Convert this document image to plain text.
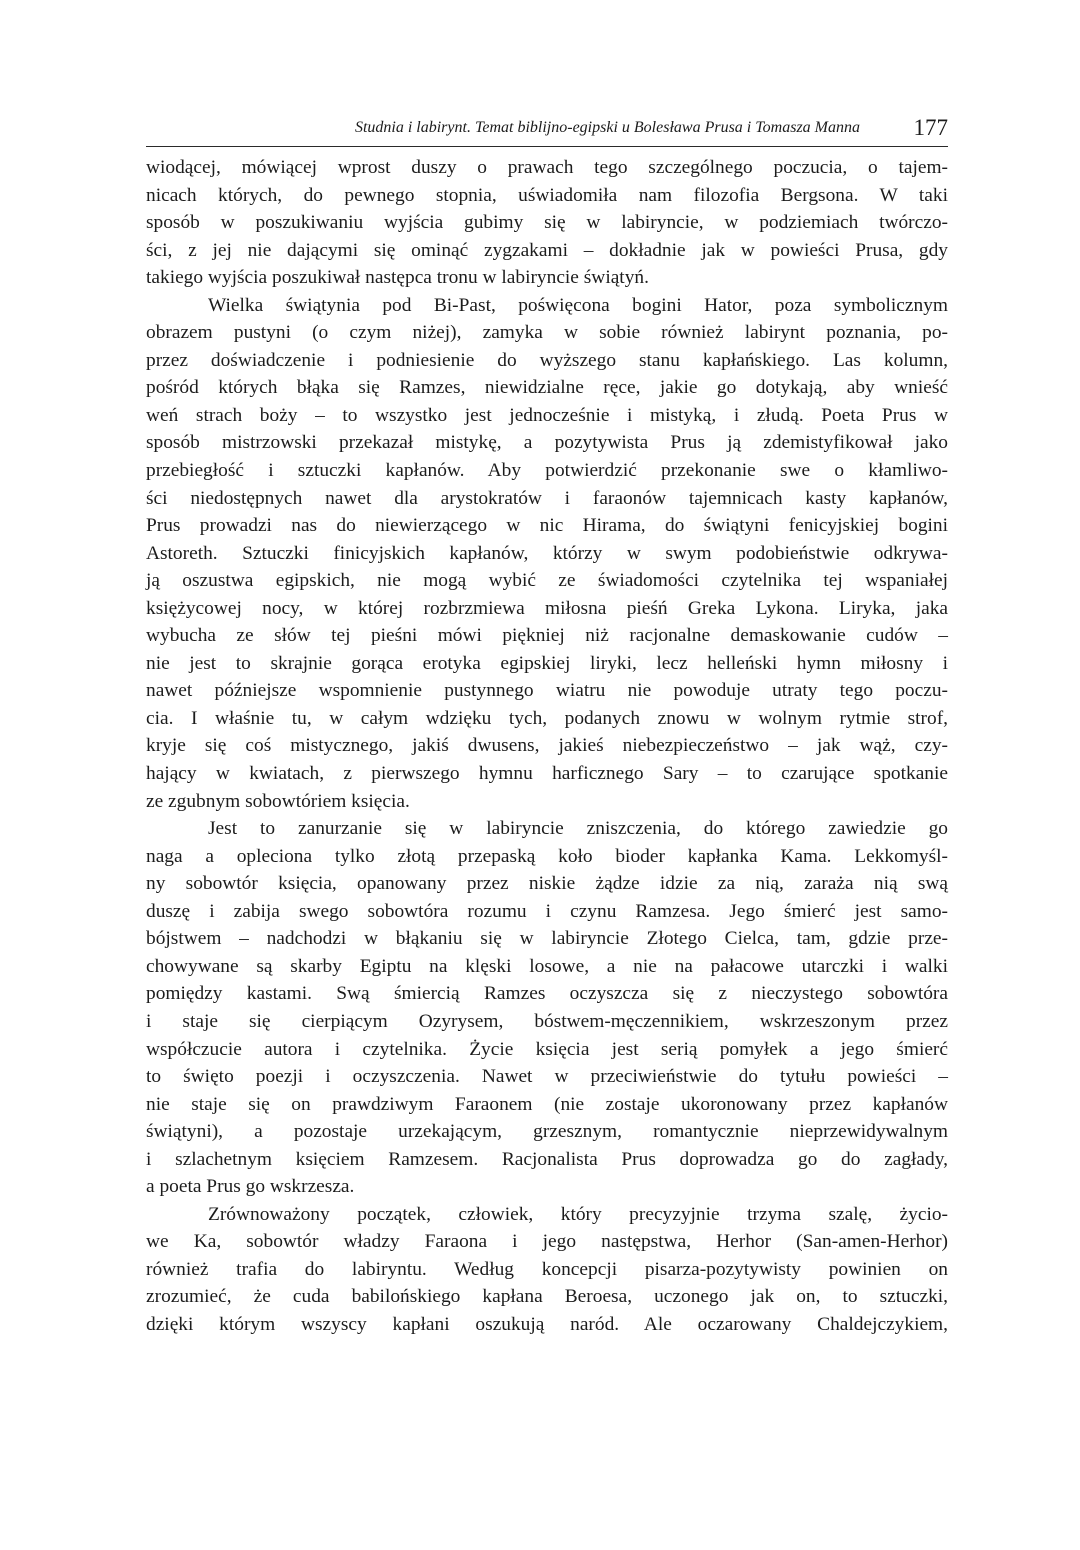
Studnia i labirynt. Temat biblijno-egipski u Bolesława Prusa i Tomasza Manna 177
wiodącej, mówiącej wprost duszy o prawach tego szczególnego poczucia, o tajem-
nicach których, do pewnego stopnia, uświadomiła nam filozofia Bergsona. W taki
sposób w poszukiwaniu wyjścia gubimy się w labiryncie, w podziemiach twórczo-
ści, z jej nie dającymi się ominąć zygzakami – dokładnie jak w powieści Prusa, gdy
takiego wyjścia poszukiwał następca tronu w labiryncie świątyń.
Wielka świątynia pod Bi-Past, poświęcona bogini Hator, poza symbolicznym
obrazem pustyni (o czym niżej), zamyka w sobie również labirynt poznania, po-
przez doświadczenie i podniesienie do wyższego stanu kapłańskiego. Las kolumn,
pośród których błąka się Ramzes, niewidzialne ręce, jakie go dotykają, aby wnieść
weń strach boży – to wszystko jest jednocześnie i mistyką, i złudą. Poeta Prus w
sposób mistrzowski przekazał mistykę, a pozytywista Prus ją zdemistyfikował jako
przebiegłość i sztuczki kapłanów. Aby potwierdzić przekonanie swe o kłamliwo-
ści niedostępnych nawet dla arystokratów i faraonów tajemnicach kasty kapłanów,
Prus prowadzi nas do niewierzącego w nic Hirama, do świątyni fenicyjskiej bogini
Astoreth. Sztuczki finicyjskich kapłanów, którzy w swym podobieństwie odkrywa-
ją oszustwa egipskich, nie mogą wybić ze świadomości czytelnika tej wspaniałej
księżycowej nocy, w której rozbrzmiewa miłosna pieśń Greka Lykona. Liryka, jaka
wybucha ze słów tej pieśni mówi piękniej niż racjonalne demaskowanie cudów –
nie jest to skrajnie gorąca erotyka egipskiej liryki, lecz helleński hymn miłosny i
nawet późniejsze wspomnienie pustynnego wiatru nie powoduje utraty tego poczu-
cia. I właśnie tu, w całym wdzięku tych, podanych znowu w wolnym rytmie strof,
kryje się coś mistycznego, jakiś dwusens, jakieś niebezpieczeństwo – jak wąż, czy-
hający w kwiatach, z pierwszego hymnu harficznego Sary – to czarujące spotkanie
ze zgubnym sobowtóriem księcia.
Jest to zanurzanie się w labiryncie zniszczenia, do którego zawiedzie go
naga a opleciona tylko złotą przepaską koło bioder kapłanka Kama. Lekkomyśl-
ny sobowtór księcia, opanowany przez niskie żądze idzie za nią, zaraża nią swą
duszę i zabija swego sobowtóra rozumu i czynu Ramzesa. Jego śmierć jest samo-
bójstwem – nadchodzi w błąkaniu się w labiryncie Złotego Cielca, tam, gdzie prze-
chowywane są skarby Egiptu na klęski losowe, a nie na pałacowe utarczki i walki
pomiędzy kastami. Swą śmiercią Ramzes oczyszcza się z nieczystego sobowtóra
i staje się cierpiącym Ozyrysem, bóstwem-męczennikiem, wskrzeszonym przez
współczucie autora i czytelnika. Życie księcia jest serią pomyłek a jego śmierć
to święto poezji i oczyszczenia. Nawet w przeciwieństwie do tytułu powieści –
nie staje się on prawdziwym Faraonem (nie zostaje ukoronowany przez kapłanów
świątyni), a pozostaje urzekającym, grzesznym, romantycznie nieprzewidywalnym
i szlachetnym księciem Ramzesem. Racjonalista Prus doprowadza go do zagłady,
a poeta Prus go wskrzesza.
Zrównoważony początek, człowiek, który precyzyjnie trzyma szalę, życio-
we Ka, sobowtór władzy Faraona i jego następstwa, Herhor (San-amen-Herhor)
również trafia do labiryntu. Według koncepcji pisarza-pozytywisty powinien on
zrozumieć, że cuda babilońskiego kapłana Beroesa, uczonego jak on, to sztuczki,
dzięki którym wszyscy kapłani oszukują naród. Ale oczarowany Chaldejczykiem,
